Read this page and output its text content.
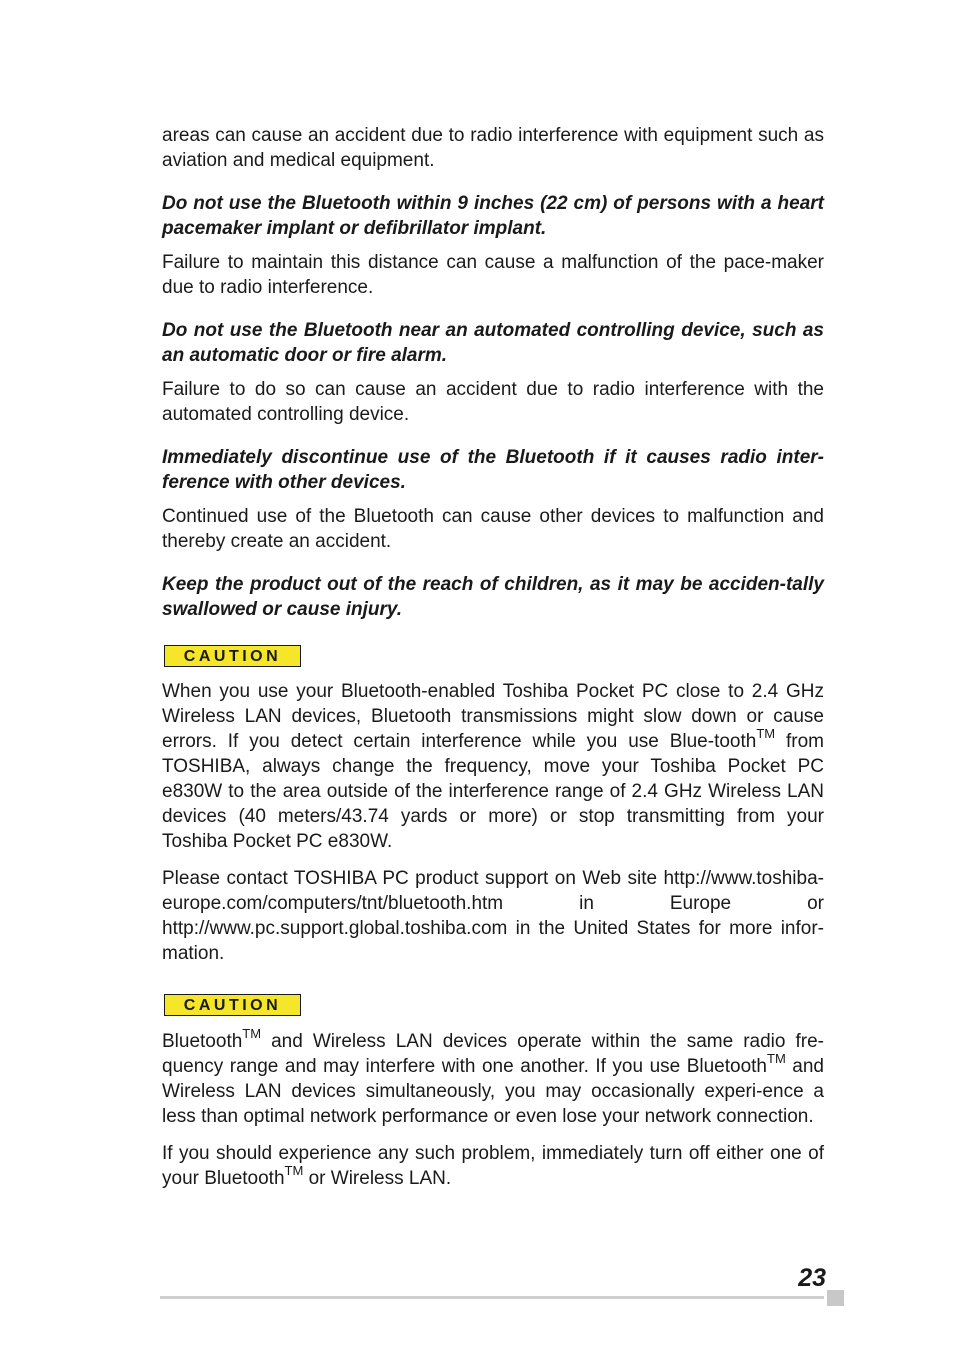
areas can cause an accident due to radio interference with equipment such as aviation and medical equipment.

Do not use the Bluetooth within 9 inches (22 cm) of persons with a heart pacemaker implant or defibrillator implant.

Failure to maintain this distance can cause a malfunction of the pace-maker due to radio interference.

Do not use the Bluetooth near an automated controlling device, such as an automatic door or fire alarm.

Failure to do so can cause an accident due to radio interference with the automated controlling device.

Immediately discontinue use of the Bluetooth if it causes radio inter-ference with other devices.

Continued use of the Bluetooth can cause other devices to malfunction and thereby create an accident.

Keep the product out of the reach of children, as it may be acciden-tally swallowed or cause injury.

CAUTION

When you use your Bluetooth-enabled Toshiba Pocket PC close to 2.4 GHz Wireless LAN devices, Bluetooth transmissions might slow down or cause errors. If you detect certain interference while you use Blue-tooth™ from TOSHIBA, always change the frequency, move your Toshiba Pocket PC e830W to the area outside of the interference range of 2.4 GHz Wireless LAN devices (40 meters/43.74 yards or more) or stop transmitting from your Toshiba Pocket PC e830W.

Please contact TOSHIBA PC product support on Web site http://www.toshiba-europe.com/computers/tnt/bluetooth.htm in Europe or http://www.pc.support.global.toshiba.com in the United States for more infor-mation.

CAUTION

Bluetooth™ and Wireless LAN devices operate within the same radio fre-quency range and may interfere with one another. If you use Bluetooth™ and Wireless LAN devices simultaneously, you may occasionally experi-ence a less than optimal network performance or even lose your network connection.

If you should experience any such problem, immediately turn off either one of your Bluetooth™ or Wireless LAN.

23
